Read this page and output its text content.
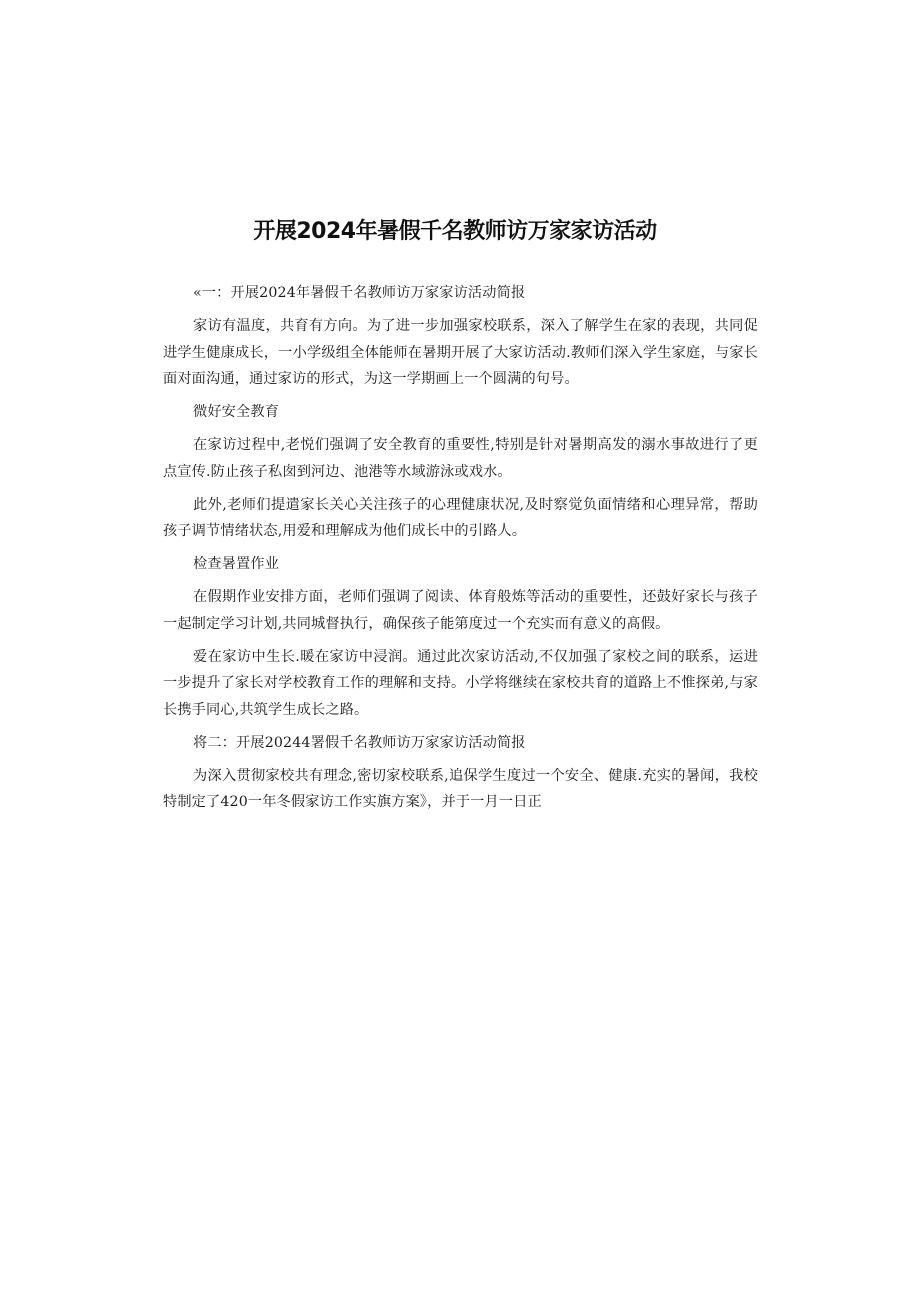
开展2024年暑假千名教师访万家家访活动

«一：开展2024年暑假千名教师访万家家访活动简报

家访有温度，共育有方向。为了进一步加强家校联系，深入了解学生在家的表现，共同促进学生健康成长，一小学级组全体能师在暑期开展了大家访活动.教师们深入学生家庭，与家长面对面沟通，通过家访的形式，为这一学期画上一个圆满的句号。

微好安全教育

在家访过程中,老悦们强调了安全教育的重要性,特别是针对暑期高发的溺水事故进行了更点宣传.防止孩子私囱到河边、池港等水域游泳或戏水。

此外,老师们提遣家长关心关注孩子的心理健康状况,及时察觉负面情绪和心理异常，帮助孩子调节情绪状态,用爱和理解成为他们成长中的引路人。

检查暑置作业

在假期作业安排方面，老师们强调了阅读、体育般炼等活动的重要性，还鼓好家长与孩子一起制定学习计划,共同城督执行，确保孩子能第度过一个充实而有意义的髙假。

爱在家访中生长.暖在家访中浸润。通过此次家访活动,不仅加强了家校之间的联系，运进一步提升了家长对学校教育工作的理解和支持。小学将继续在家校共育的道路上不惟探弟,与家长携手同心,共筑学生成长之路。

将二：开展20244署假千名教师访万家家访活动简报

为深入贯彻家校共有理念,密切家校联系,追保学生度过一个安全、健康.充实的暑闻，我校特制定了420一年冬假家访工作实旗方案》，并于一月一日正
